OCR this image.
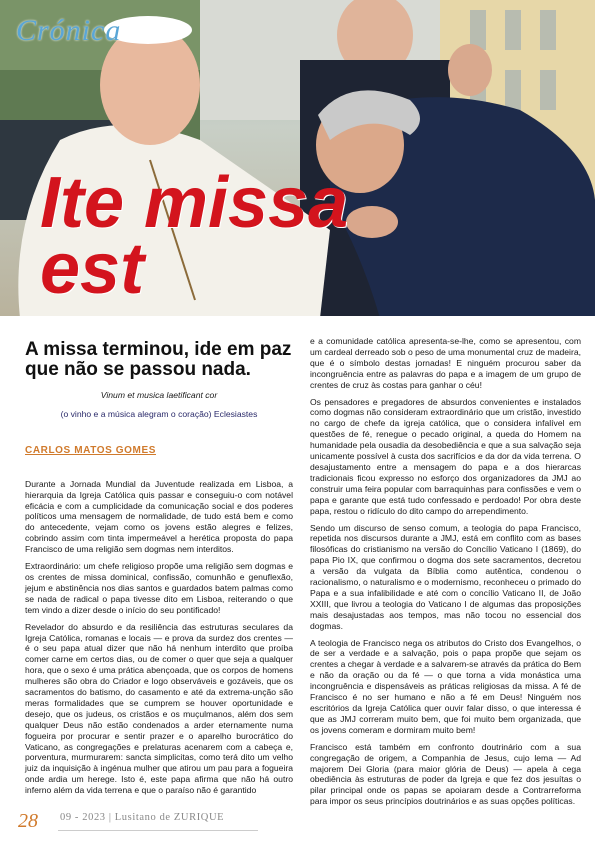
Crónica
Ite missa
est
A missa terminou, ide em paz que não se passou nada.
Vinum et musica laetificant cor
(o vinho e a música alegram o coração) Eclesiastes
CARLOS MATOS GOMES

Durante a Jornada Mundial da Juventude realizada em Lisboa, a hierarquia da Igreja Católica quis passar e conseguiu-o com notável eficácia e com a cumplicidade da comunicação social e dos poderes políticos uma mensagem de normalidade, de tudo está bem e como do antecedente, vejam como os jovens estão alegres e felizes, cobrindo assim com tinta impermeável a herética proposta do papa Francisco de uma religião sem dogmas nem interditos.

Extraordinário: um chefe religioso propõe uma religião sem dogmas e os crentes de missa dominical, confissão, comunhão e genuflexão, jejum e abstinência nos dias santos e guardados batem palmas como se nada de radical o papa tivesse dito em Lisboa, reiterando o que tem vindo a dizer desde o início do seu pontificado!

Revelador do absurdo e da resiliência das estruturas seculares da Igreja Católica, romanas e locais — e prova da surdez dos crentes — é o seu papa atual dizer que não há nenhum interdito que proíba comer carne em certos dias, ou de comer o quer que seja a qualquer hora, que o sexo é uma prática abençoada, que os corpos de homens mulheres são obra do Criador e logo observáveis e gozáveis, que os sacramentos do batismo, do casamento e até da extrema-unção são meras formalidades que se cumprem se houver oportunidade e desejo, que os judeus, os cristãos e os muçulmanos, além dos sem qualquer Deus não estão condenados a arder eternamente numa fogueira por procurar e sentir prazer e o aparelho burocrático do Vaticano, as congregações e prelaturas acenarem com a cabeça e, porventura, murmurarem: sancta simplicitas, como terá dito um velho juiz da inquisição à ingénua mulher que atirou um pau para a fogueira onde ardia um herege. Isto é, este papa afirma que não há outro inferno além da vida terrena e que o paraíso não é garantido

e a comunidade católica apresenta-se-lhe, como se apresentou, com um cardeal derreado sob o peso de uma monumental cruz de madeira, que é o símbolo destas jornadas! E ninguém procurou saber da incongruência entre as palavras do papa e a imagem de um grupo de crentes de cruz às costas para ganhar o céu!

Os pensadores e pregadores de absurdos convenientes e instalados como dogmas não consideram extraordinário que um cristão, investido no cargo de chefe da igreja católica, que o considera infalível em questões de fé, renegue o pecado original, a queda do Homem na humanidade pela ousadia da desobediência e que a sua salvação seja unicamente possível à custa dos sacrifícios e da dor da vida terrena. O desajustamento entre a mensagem do papa e a dos hierarcas tradicionais ficou expresso no esforço dos organizadores da JMJ ao construir uma feira popular com barraquinhas para confissões e vem o papa e garante que está tudo confessado e perdoado! Por obra deste papa, restou o ridículo do dito campo do arrependimento.

Sendo um discurso de senso comum, a teologia do papa Francisco, repetida nos discursos durante a JMJ, está em conflito com as bases filosóficas do cristianismo na versão do Concílio Vaticano I (1869), do papa Pio IX, que confirmou o dogma dos sete sacramentos, decretou a versão da vulgata da Bíblia como autêntica, condenou o racionalismo, o naturalismo e o modernismo, reconheceu o primado do Papa e a sua infalibilidade e até com o concílio Vaticano II, de João XXIII, que livrou a teologia do Vaticano I de algumas das proposições mais desajustadas aos tempos, mas não tocou no essencial dos dogmas.

A teologia de Francisco nega os atributos do Cristo dos Evangelhos, o de ser a verdade e a salvação, pois o papa propõe que sejam os crentes a chegar à verdade e a salvarem-se através da prática do Bem e não da oração ou da fé — o que torna a vida monástica uma incongruência e dispensáveis as práticas religiosas da missa. A fé de Francisco é no ser humano e não a fé em Deus! Ninguém nos escritórios da Igreja Católica quer ouvir falar disso, o que interessa é que as JMJ correram muito bem, que foi muito bem organizada, que os jovens comeram e dormiram muito bem!

Francisco está também em confronto doutrinário com a sua congregação de origem, a Companhia de Jesus, cujo lema — Ad majorem Dei Gloria (para maior glória de Deus) — apela à cega obediência às estruturas de poder da Igreja e que fez dos jesuítas o pilar principal onde os papas se apoiaram desde a Contrarreforma para impor os seus princípios doutrinários e as suas opções políticas.

28 09 - 2023 | Lusitano de ZURIQUE
